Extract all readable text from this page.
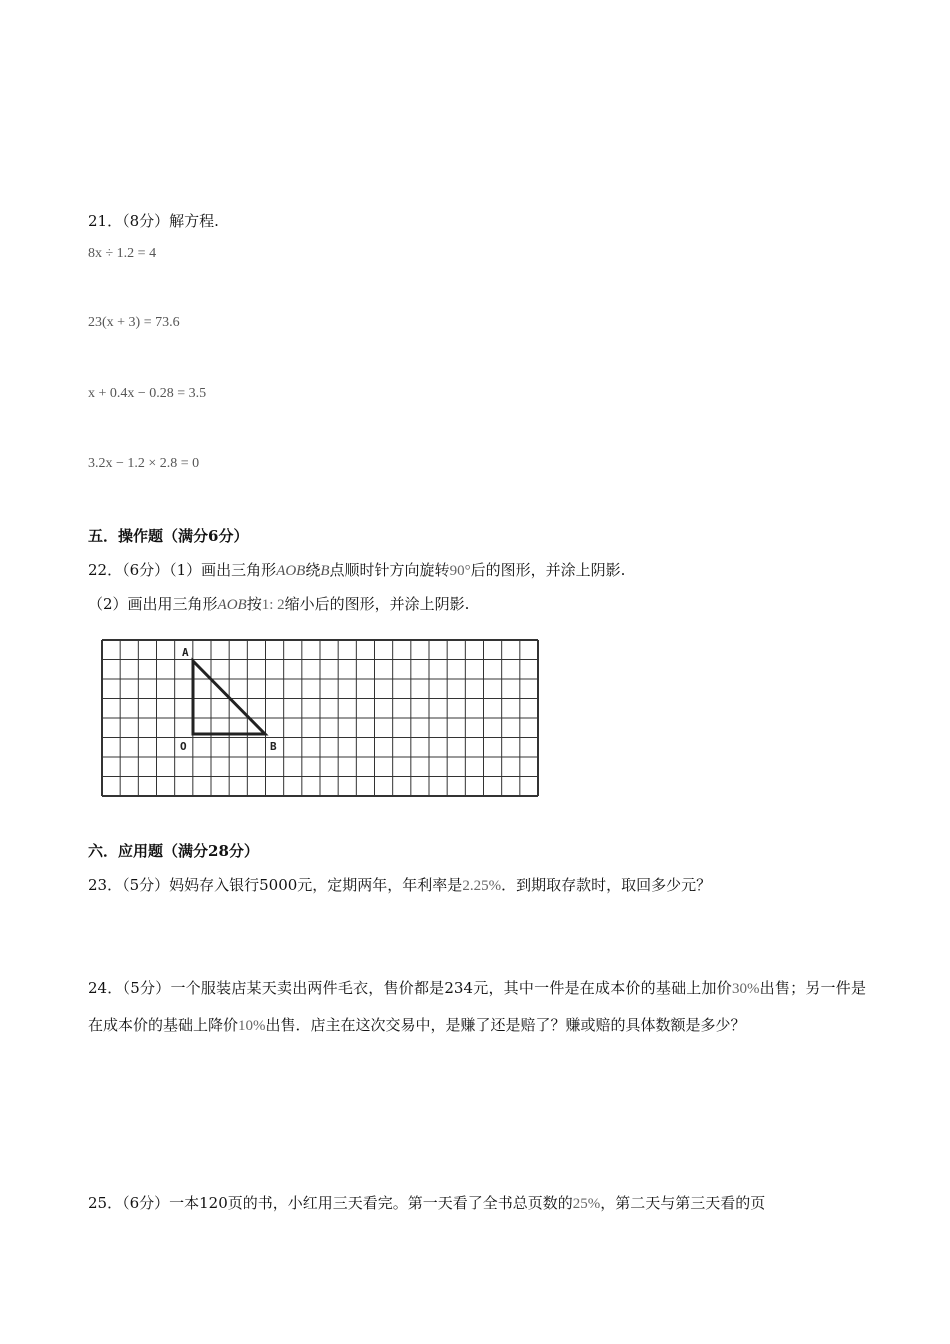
21．（8分）解方程.
8x ÷ 1.2 = 4
23(x + 3) = 73.6
x + 0.4x − 0.28 = 3.5
3.2x − 1.2 × 2.8 = 0
五．操作题（满分6分）
22．（6分）（1）画出三角形AOB绕B点顺时针方向旋转90°后的图形，并涂上阴影.
（2）画出用三角形AOB按1: 2缩小后的图形，并涂上阴影.
A
O	B
六．应用题（满分28分）
23．（5分）妈妈存入银行5000元，定期两年，年利率是2.25%．到期取存款时，取回多少元？
24．（5分）一个服装店某天卖出两件毛衣，售价都是234元，其中一件是在成本价的基础上加价30%出售；另一件是在成本价的基础上降价10%出售．店主在这次交易中，是赚了还是赔了？赚或赔的具体数额是多少？
25．（6分）一本120页的书，小红用三天看完。第一天看了全书总页数的25%，第二天与第三天看的页
